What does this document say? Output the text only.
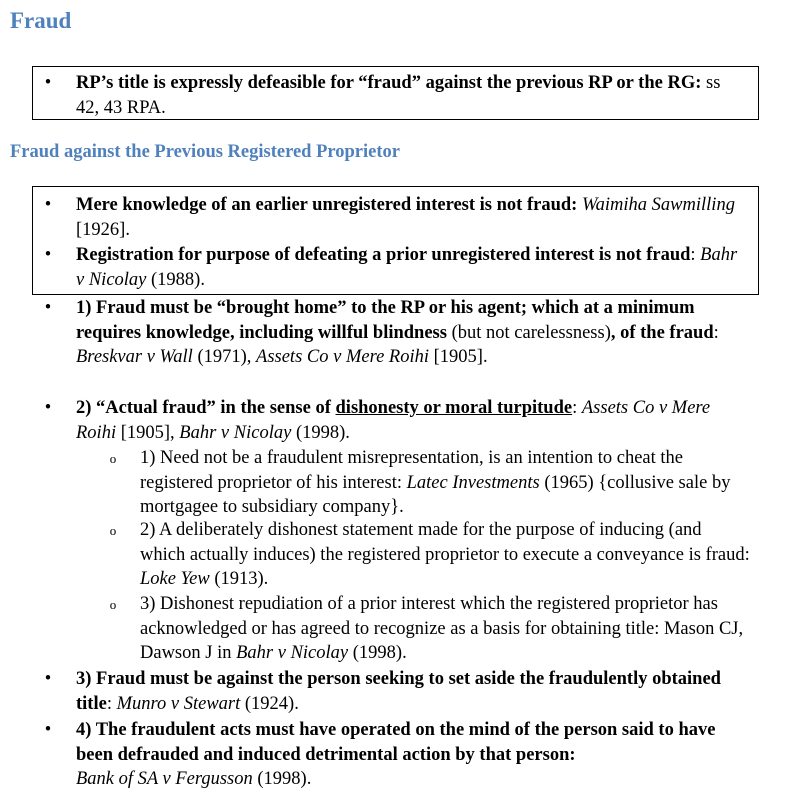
Fraud
• RP’s title is expressly defeasible for “fraud” against the previous RP or the RG: ss 42, 43 RPA.
Fraud against the Previous Registered Proprietor
• Mere knowledge of an earlier unregistered interest is not fraud: Waimiha Sawmilling [1926].
• Registration for purpose of defeating a prior unregistered interest is not fraud: Bahr v Nicolay (1988).
• 1) Fraud must be “brought home” to the RP or his agent; which at a minimum requires knowledge, including willful blindness (but not carelessness), of the fraud: Breskvar v Wall (1971), Assets Co v Mere Roihi [1905].
• 2) “Actual fraud” in the sense of dishonesty or moral turpitude: Assets Co v Mere Roihi [1905], Bahr v Nicolay (1998).
o 1) Need not be a fraudulent misrepresentation, is an intention to cheat the registered proprietor of his interest: Latec Investments (1965) {collusive sale by mortgagee to subsidiary company}.
o 2) A deliberately dishonest statement made for the purpose of inducing (and which actually induces) the registered proprietor to execute a conveyance is fraud: Loke Yew (1913).
o 3) Dishonest repudiation of a prior interest which the registered proprietor has acknowledged or has agreed to recognize as a basis for obtaining title: Mason CJ, Dawson J in Bahr v Nicolay (1998).
• 3) Fraud must be against the person seeking to set aside the fraudulently obtained title: Munro v Stewart (1924).
• 4) The fraudulent acts must have operated on the mind of the person said to have been defrauded and induced detrimental action by that person:
Bank of SA v Fergusson (1998).
